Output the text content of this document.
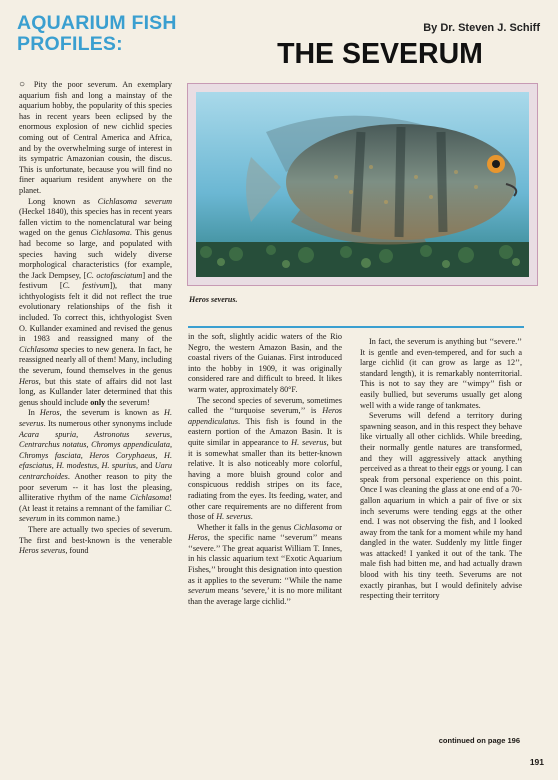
AQUARIUM FISH PROFILES:
By Dr. Steven J. Schiff
THE SEVERUM
Heros severus.

○ Pity the poor severum. An exemplary aquarium fish and long a mainstay of the aquarium hobby, the popularity of this species has in recent years been eclipsed by the enormous explosion of new cichlid species coming out of Central America and Africa, and by the overwhelming surge of interest in its sympatric Amazonian cousin, the discus. This is unfortunate, because you will find no finer aquarium resident anywhere on the planet.

Long known as Cichlasoma severum (Heckel 1840), this species has in recent years fallen victim to the nomenclatural war being waged on the genus Cichlasoma. This genus had become so large, and populated with species having such widely diverse morphological characteristics (for example, the Jack Dempsey, [C. octofasciatum] and the festivum [C. festivum]), that many ichthyologists felt it did not reflect the true evolutionary relationships of the fish it included. To correct this, ichthyologist Sven O. Kullander examined and revised the genus in 1983 and reassigned many of the Cichlasoma species to new genera. In fact, he reassigned nearly all of them! Many, including the severum, found themselves in the genus Heros, but this state of affairs did not last long, as Kullander later determined that this genus should include only the severum!

In Heros, the severum is known as H. severus. Its numerous other synonyms include Acara spuria, Astronotus severus, Centrarchus notatus, Chromys appendiculata, Chromys fasciata, Heros Coryphaeus, H. efasciatus, H. modestus, H. spurius, and Uaru centrarchoides. Another reason to pity the poor severum -- it has lost the pleasing, alliterative rhythm of the name Cichlasoma! (At least it retains a remnant of the familiar C. severum in its common name.)

There are actually two species of severum. The first and best-known is the venerable Heros severus, found

in the soft, slightly acidic waters of the Rio Negro, the western Amazon Basin, and the coastal rivers of the Guianas. First introduced into the hobby in 1909, it was originally considered rare and difficult to breed. It likes warm water, approximately 80°F.

The second species of severum, sometimes called the ‘‘turquoise severum,’’ is Heros appendiculatus. This fish is found in the eastern portion of the Amazon Basin. It is quite similar in appearance to H. severus, but it is somewhat smaller than its better-known relative. It is also noticeably more colorful, having a more bluish ground color and conspicuous reddish stripes on its face, radiating from the eyes. Its feeding, water, and other care requirements are no different from those of H. severus.

Whether it falls in the genus Cichlasoma or Heros, the specific name ‘‘severum’’ means ‘‘severe.’’ The great aquarist William T. Innes, in his classic aquarium text ‘‘Exotic Aquarium Fishes,’’ brought this designation into question as it applies to the severum: ‘‘While the name severum means ‘severe,’ it is no more militant than the average large cichlid.’’

In fact, the severum is anything but ‘‘severe.’’ It is gentle and even-tempered, and for such a large cichlid (it can grow as large as 12’’, standard length), it is remarkably nonterritorial. This is not to say they are ‘‘wimpy’’ fish or easily bullied, but severums usually get along well with a wide range of tankmates.

Severums will defend a territory during spawning season, and in this respect they behave like virtually all other cichlids. While breeding, their normally gentle natures are transformed, and they will aggressively attack anything perceived as a threat to their eggs or young. I can speak from personal experience on this point. Once I was cleaning the glass at one end of a 70-gallon aquarium in which a pair of five or six inch severums were tending eggs at the other end. I was not observing the fish, and I looked away from the tank for a moment while my hand dangled in the water. Suddenly my little finger was attacked! I yanked it out of the tank. The male fish had bitten me, and had actually drawn blood with his tiny teeth. Severums are not exactly piranhas, but I would definitely advise respecting their territory

continued on page 196
191
